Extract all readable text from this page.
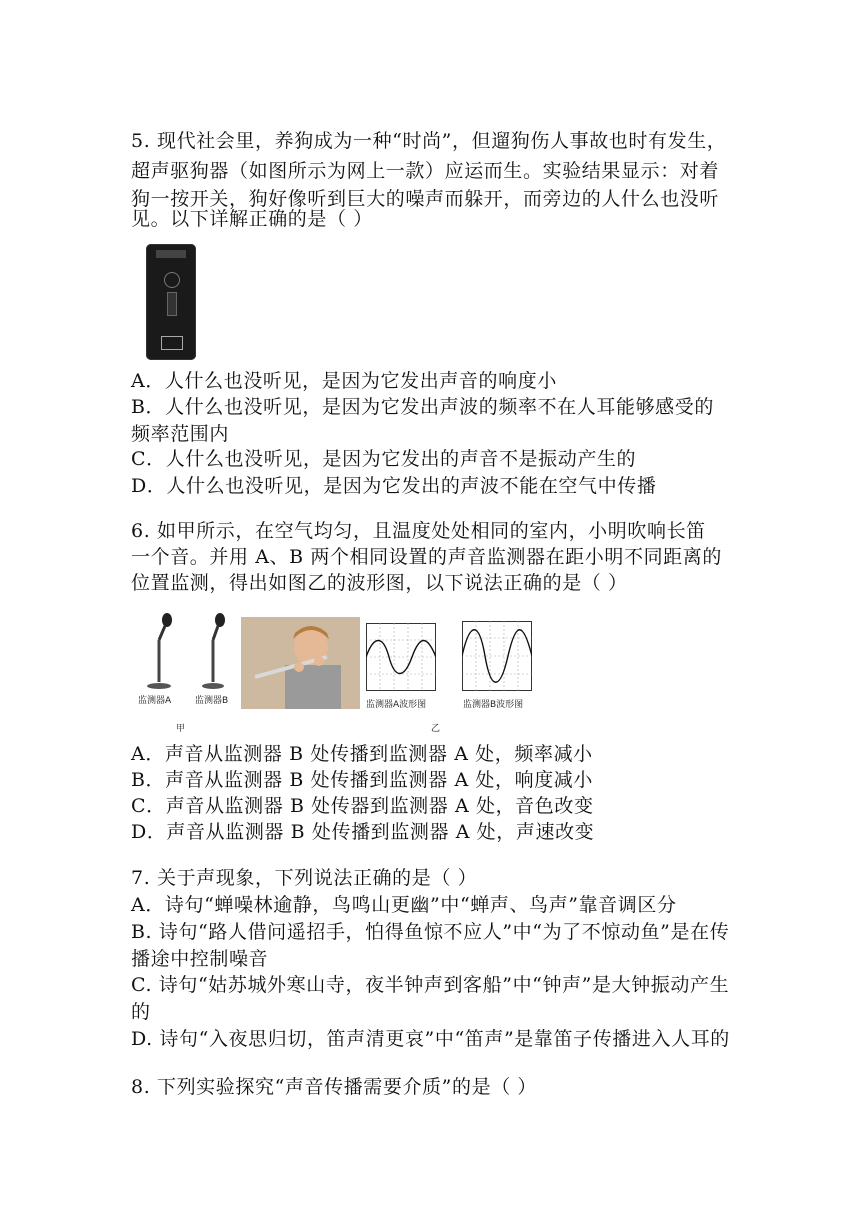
5. 现代社会里，养狗成为一种“时尚”，但遛狗伤人事故也时有发生，
超声驱狗器（如图所示为网上一款）应运而生。实验结果显示：对着
狗一按开关，狗好像听到巨大的噪声而躲开，而旁边的人什么也没听
见。以下详解正确的是（ ）
A．人什么也没听见，是因为它发出声音的响度小
B．人什么也没听见，是因为它发出声波的频率不在人耳能够感受的
频率范围内
C．人什么也没听见，是因为它发出的声音不是振动产生的
D．人什么也没听见，是因为它发出的声波不能在空气中传播
6. 如甲所示，在空气均匀，且温度处处相同的室内，小明吹响长笛
一个音。并用 A、B 两个相同设置的声音监测器在距小明不同距离的
位置监测，得出如图乙的波形图，以下说法正确的是（ ）
监测器A	监测器B	监测器A波形图	监测器B波形图
甲	乙
A．声音从监测器 B 处传播到监测器 A 处，频率减小
B．声音从监测器 B 处传播到监测器 A 处，响度减小
C．声音从监测器 B 处传器到监测器 A 处，音色改变
D．声音从监测器 B 处传播到监测器 A 处，声速改变
7. 关于声现象，下列说法正确的是（ ）
A．诗句“蝉噪林逾静，鸟鸣山更幽”中“蝉声、鸟声”靠音调区分
B. 诗句“路人借问遥招手，怕得鱼惊不应人”中“为了不惊动鱼”是在传
播途中控制噪音
C. 诗句“姑苏城外寒山寺，夜半钟声到客船”中“钟声”是大钟振动产生
的
D. 诗句“入夜思归切，笛声清更哀”中“笛声”是靠笛子传播进入人耳的
8. 下列实验探究“声音传播需要介质”的是（ ）
